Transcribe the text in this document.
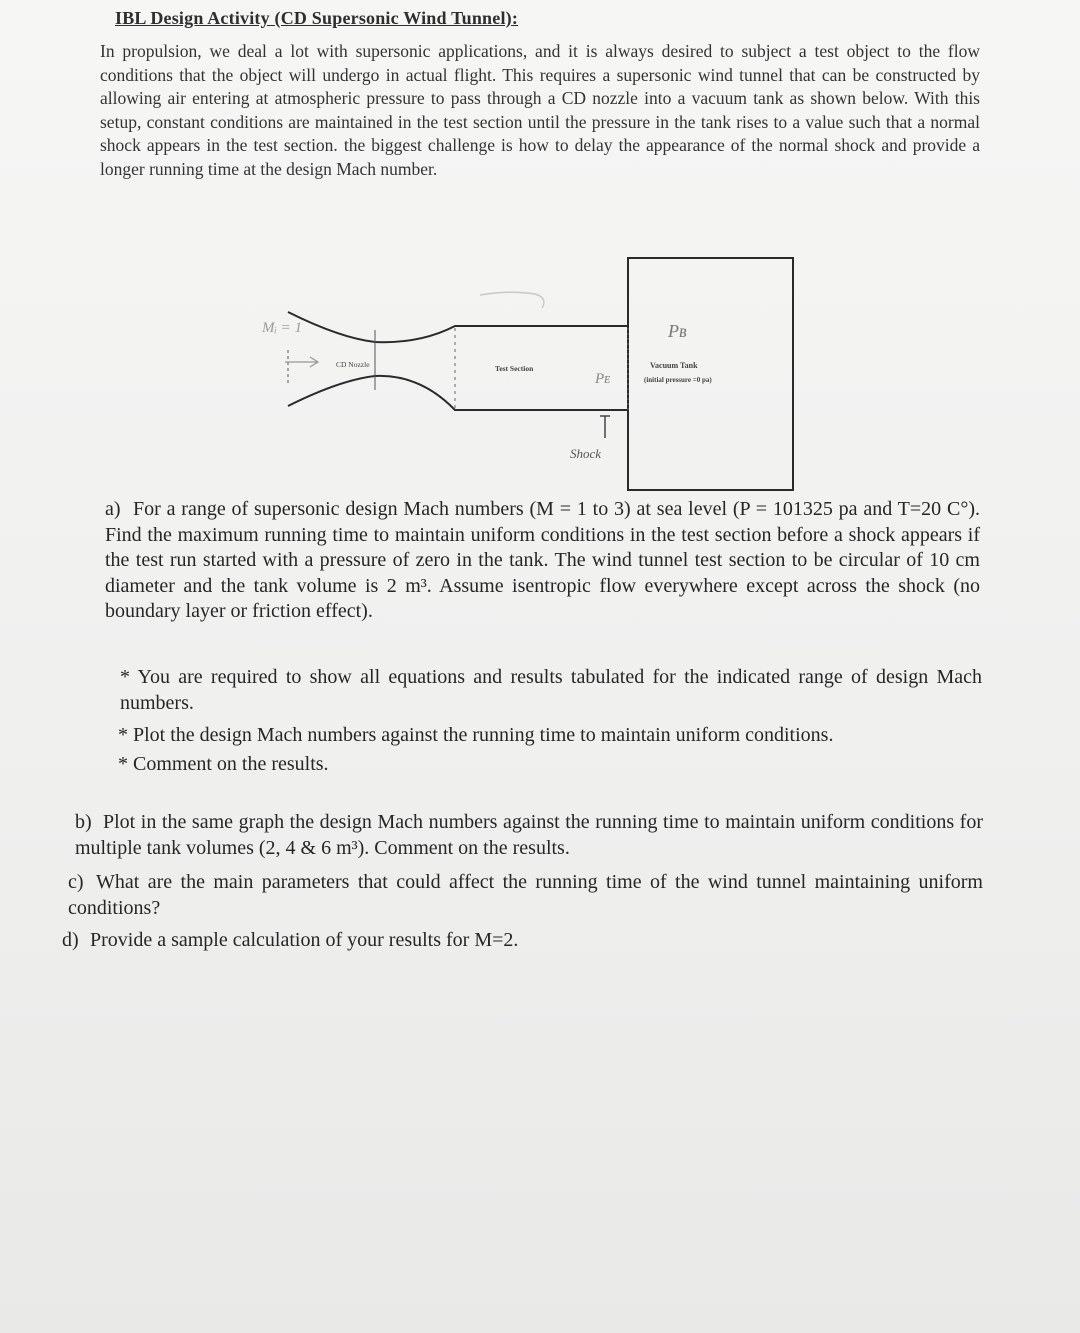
IBL Design Activity (CD Supersonic Wind Tunnel):
In propulsion, we deal a lot with supersonic applications, and it is always desired to subject a test object to the flow conditions that the object will undergo in actual flight. This requires a supersonic wind tunnel that can be constructed by allowing air entering at atmospheric pressure to pass through a CD nozzle into a vacuum tank as shown below. With this setup, constant conditions are maintained in the test section until the pressure in the tank rises to a value such that a normal shock appears in the test section. the biggest challenge is how to delay the appearance of the normal shock and provide a longer running time at the design Mach number.
Mᵢ = 1
CD Nozzle	Test Section
Pᴇ
Pʙ
Vacuum Tank
(initial pressure =0 pa)
Shock
a) For a range of supersonic design Mach numbers (M = 1 to 3) at sea level (P = 101325 pa and T=20 C°). Find the maximum running time to maintain uniform conditions in the test section before a shock appears if the test run started with a pressure of zero in the tank. The wind tunnel test section to be circular of 10 cm diameter and the tank volume is 2 m³. Assume isentropic flow everywhere except across the shock (no boundary layer or friction effect).
* You are required to show all equations and results tabulated for the indicated range of design Mach numbers.
* Plot the design Mach numbers against the running time to maintain uniform conditions.
* Comment on the results.
b) Plot in the same graph the design Mach numbers against the running time to maintain uniform conditions for multiple tank volumes (2, 4 & 6 m³). Comment on the results.
c) What are the main parameters that could affect the running time of the wind tunnel maintaining uniform conditions?
d) Provide a sample calculation of your results for M=2.
